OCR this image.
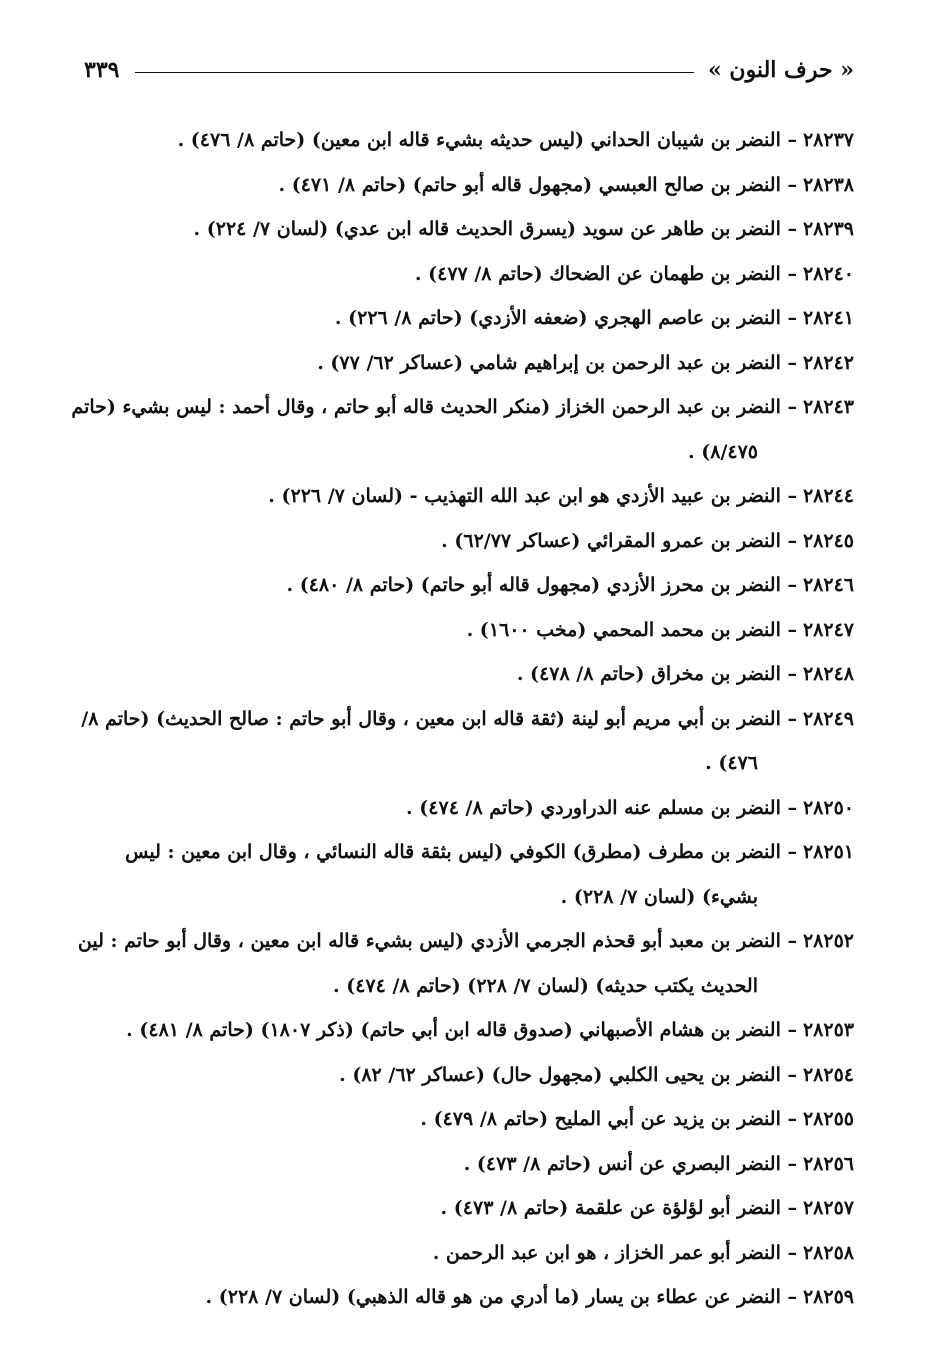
« حرف النون »
٣٣٩

٢٨٢٣٧– النضر بن شيبان الحداني (ليس حديثه بشيء قاله ابن معين) (حاتم ٨/ ٤٧٦) .

٢٨٢٣٨– النضر بن صالح العبسي (مجهول قاله أبو حاتم) (حاتم ٨/ ٤٧١) .

٢٨٢٣٩– النضر بن طاهر عن سويد (يسرق الحديث قاله ابن عدي) (لسان ٧/ ٢٢٤) .

٢٨٢٤٠– النضر بن طهمان عن الضحاك (حاتم ٨/ ٤٧٧) .

٢٨٢٤١– النضر بن عاصم الهجري (ضعفه الأزدي) (حاتم ٨/ ٢٢٦) .

٢٨٢٤٢– النضر بن عبد الرحمن بن إبراهيم شامي (عساكر ٦٢/ ٧٧) .

٢٨٢٤٣– النضر بن عبد الرحمن الخزاز (منكر الحديث قاله أبو حاتم ، وقال أحمد : ليس بشيء (حاتم ٨/٤٧٥) .

٢٨٢٤٤– النضر بن عبيد الأزدي هو ابن عبد الله التهذيب - (لسان ٧/ ٢٢٦) .

٢٨٢٤٥– النضر بن عمرو المقرائي (عساكر ٦٢/٧٧) .

٢٨٢٤٦– النضر بن محرز الأزدي (مجهول قاله أبو حاتم) (حاتم ٨/ ٤٨٠) .

٢٨٢٤٧– النضر بن محمد المحمي (مخب ١٦٠٠) .

٢٨٢٤٨– النضر بن مخراق (حاتم ٨/ ٤٧٨) .

٢٨٢٤٩– النضر بن أبي مريم أبو لينة (ثقة قاله ابن معين ، وقال أبو حاتم : صالح الحديث) (حاتم ٨/ ٤٧٦) .

٢٨٢٥٠– النضر بن مسلم عنه الدراوردي (حاتم ٨/ ٤٧٤) .

٢٨٢٥١– النضر بن مطرف (مطرق) الكوفي (ليس بثقة قاله النسائي ، وقال ابن معين : ليس بشيء) (لسان ٧/ ٢٢٨) .

٢٨٢٥٢– النضر بن معبد أبو قحذم الجرمي الأزدي (ليس بشيء قاله ابن معين ، وقال أبو حاتم : لين الحديث يكتب حديثه) (لسان ٧/ ٢٢٨) (حاتم ٨/ ٤٧٤) .

٢٨٢٥٣– النضر بن هشام الأصبهاني (صدوق قاله ابن أبي حاتم) (ذكر ١٨٠٧) (حاتم ٨/ ٤٨١) .

٢٨٢٥٤– النضر بن يحيى الكلبي (مجهول حال) (عساكر ٦٢/ ٨٢) .

٢٨٢٥٥– النضر بن يزيد عن أبي المليح (حاتم ٨/ ٤٧٩) .

٢٨٢٥٦– النضر البصري عن أنس (حاتم ٨/ ٤٧٣) .

٢٨٢٥٧– النضر أبو لؤلؤة عن علقمة (حاتم ٨/ ٤٧٣) .

٢٨٢٥٨– النضر أبو عمر الخزاز ، هو ابن عبد الرحمن .

٢٨٢٥٩– النضر عن عطاء بن يسار (ما أدري من هو قاله الذهبي) (لسان ٧/ ٢٢٨) .
